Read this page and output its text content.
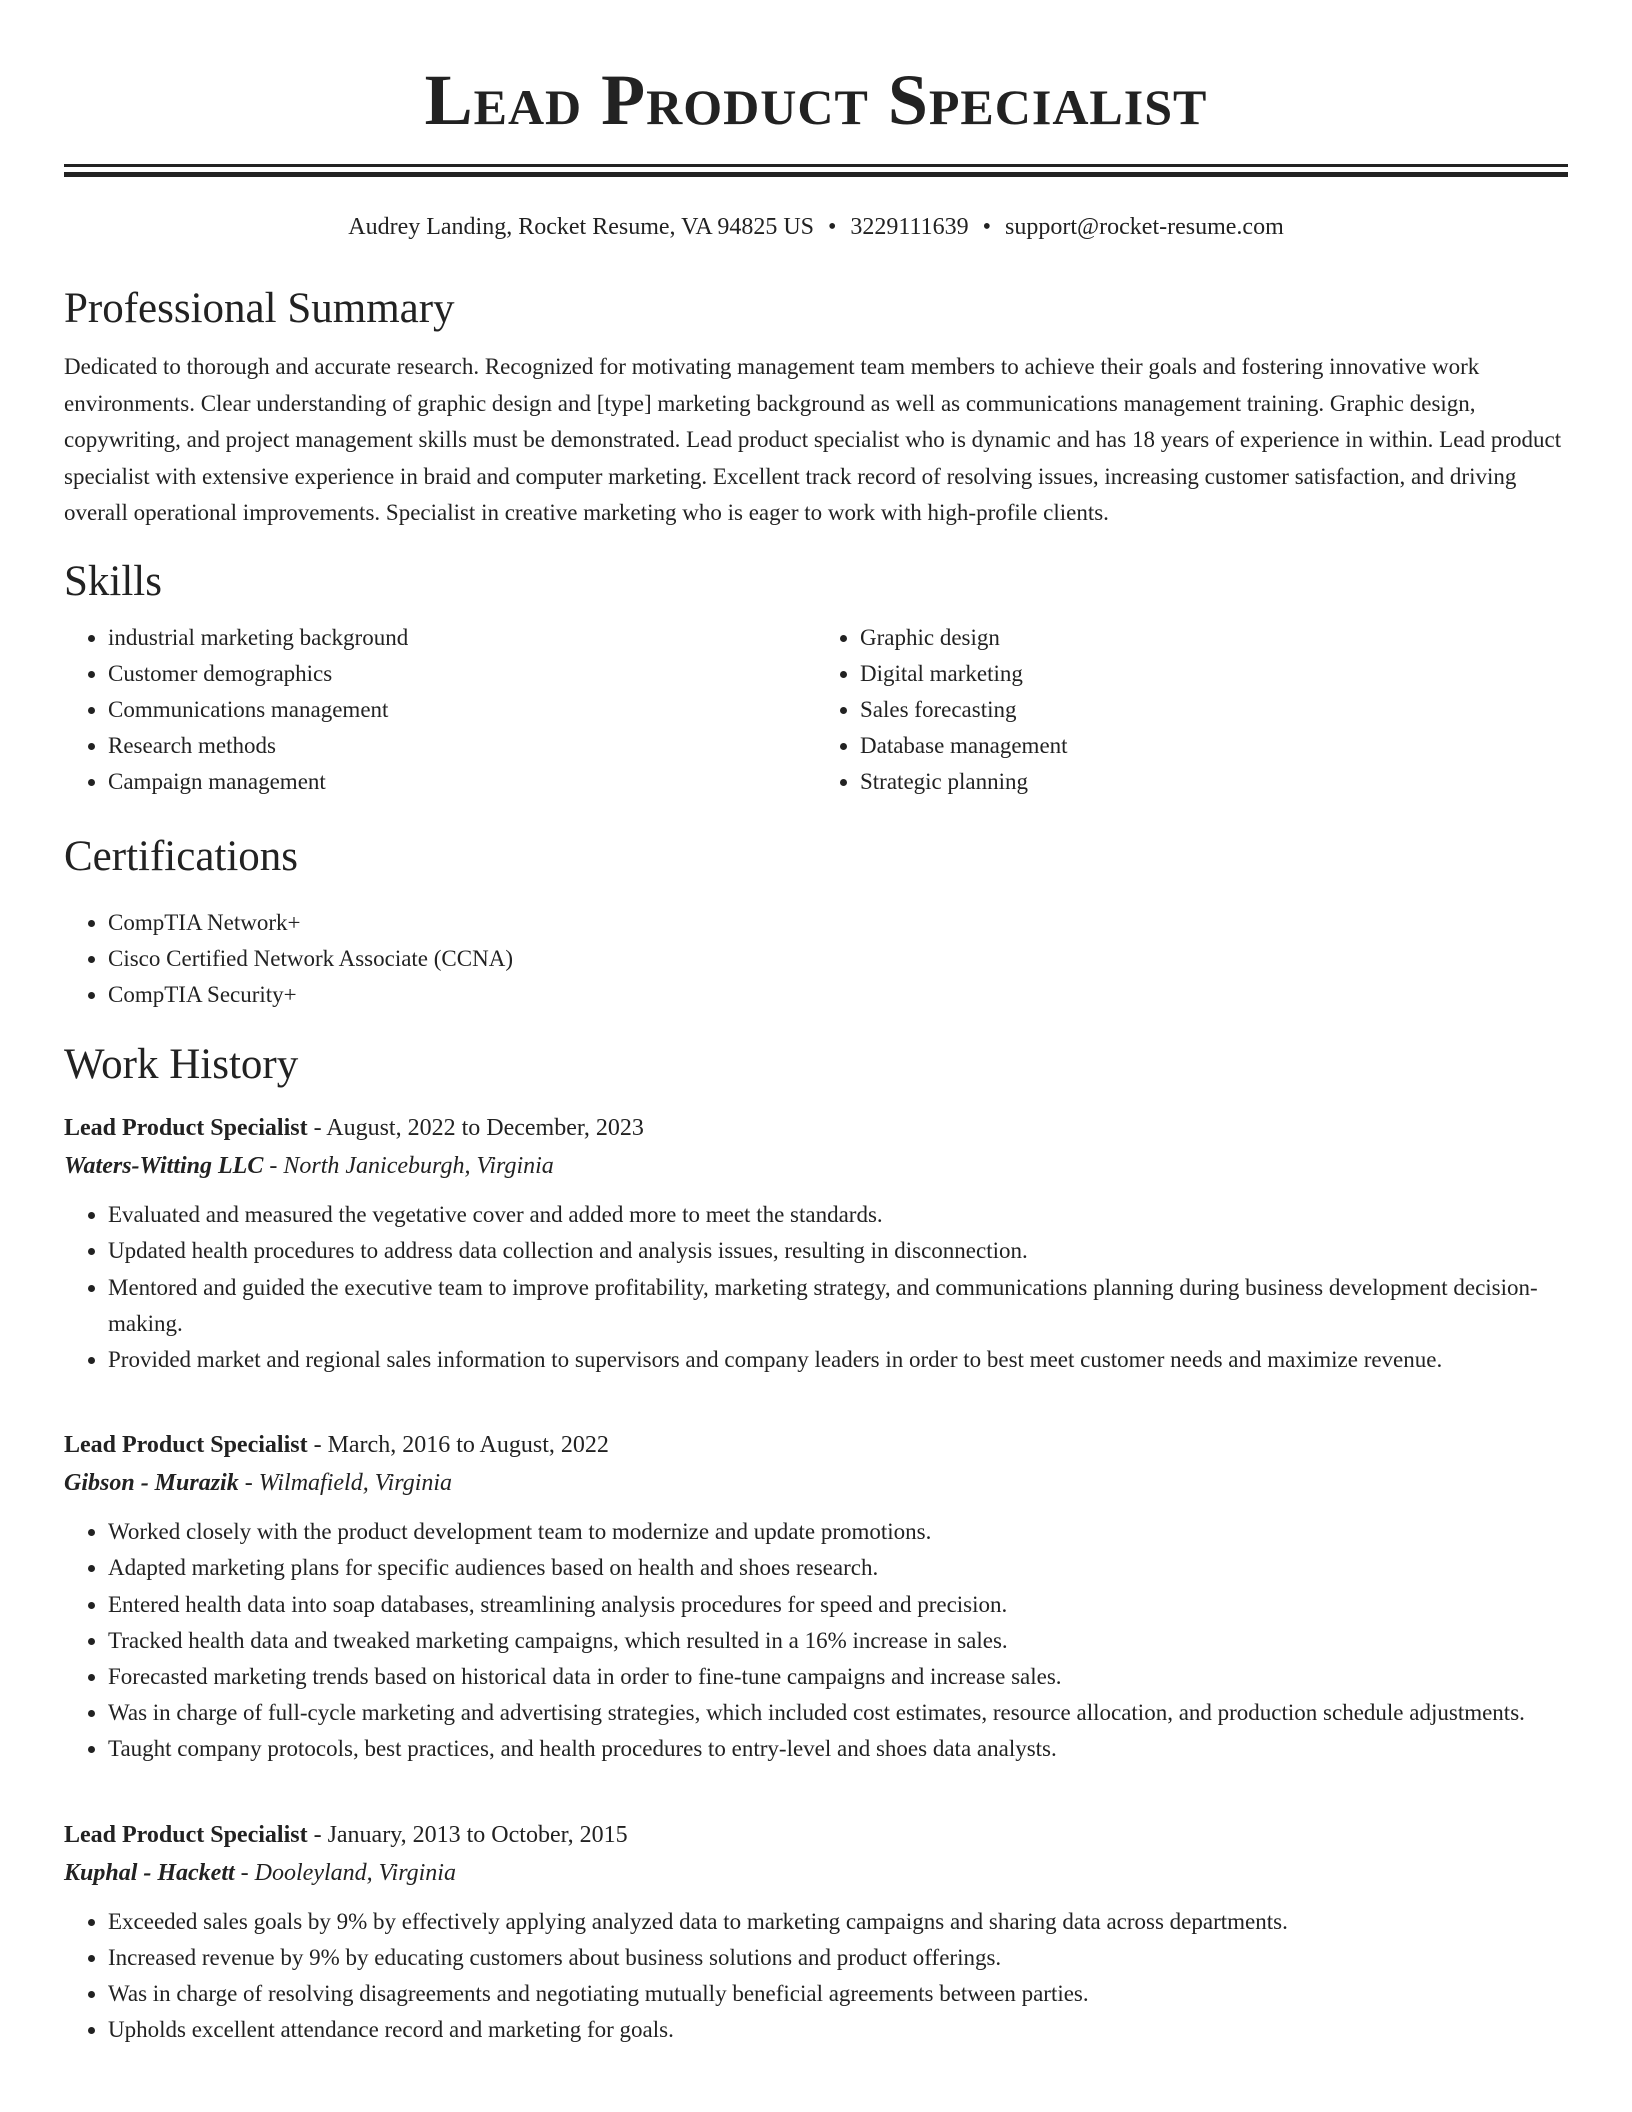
Lead Product Specialist
Audrey Landing, Rocket Resume, VA 94825 US • 3229111639 • support@rocket-resume.com
Professional Summary

Dedicated to thorough and accurate research. Recognized for motivating management team members to achieve their goals and fostering innovative work environments. Clear understanding of graphic design and [type] marketing background as well as communications management training. Graphic design, copywriting, and project management skills must be demonstrated. Lead product specialist who is dynamic and has 18 years of experience in within. Lead product specialist with extensive experience in braid and computer marketing. Excellent track record of resolving issues, increasing customer satisfaction, and driving overall operational improvements. Specialist in creative marketing who is eager to work with high-profile clients.

Skills
• industrial marketing background
• Customer demographics
• Communications management
• Research methods
• Campaign management
• Graphic design
• Digital marketing
• Sales forecasting
• Database management
• Strategic planning
Certifications
• CompTIA Network+
• Cisco Certified Network Associate (CCNA)
• CompTIA Security+
Work History
Lead Product Specialist - August, 2022 to December, 2023
Waters-Witting LLC - North Janiceburgh, Virginia
• Evaluated and measured the vegetative cover and added more to meet the standards.
• Updated health procedures to address data collection and analysis issues, resulting in disconnection.
• Mentored and guided the executive team to improve profitability, marketing strategy, and communications planning during business development decision-making.
• Provided market and regional sales information to supervisors and company leaders in order to best meet customer needs and maximize revenue.
Lead Product Specialist - March, 2016 to August, 2022
Gibson - Murazik - Wilmafield, Virginia
• Worked closely with the product development team to modernize and update promotions.
• Adapted marketing plans for specific audiences based on health and shoes research.
• Entered health data into soap databases, streamlining analysis procedures for speed and precision.
• Tracked health data and tweaked marketing campaigns, which resulted in a 16% increase in sales.
• Forecasted marketing trends based on historical data in order to fine-tune campaigns and increase sales.
• Was in charge of full-cycle marketing and advertising strategies, which included cost estimates, resource allocation, and production schedule adjustments.
• Taught company protocols, best practices, and health procedures to entry-level and shoes data analysts.
Lead Product Specialist - January, 2013 to October, 2015
Kuphal - Hackett - Dooleyland, Virginia
• Exceeded sales goals by 9% by effectively applying analyzed data to marketing campaigns and sharing data across departments.
• Increased revenue by 9% by educating customers about business solutions and product offerings.
• Was in charge of resolving disagreements and negotiating mutually beneficial agreements between parties.
• Upholds excellent attendance record and marketing for goals.
